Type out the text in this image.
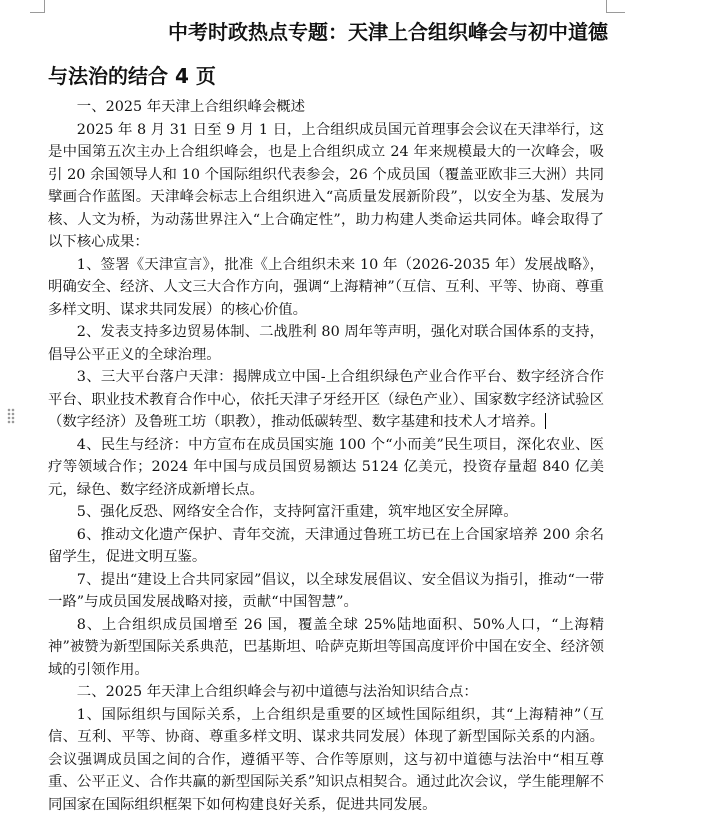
中考时政热点专题：天津上合组织峰会与初中道德
与法治的结合 4 页

一、2025 年天津上合组织峰会概述

2025 年 8 月 31 日至 9 月 1 日，上合组织成员国元首理事会会议在天津举行，这是中国第五次主办上合组织峰会，也是上合组织成立 24 年来规模最大的一次峰会，吸引 20 余国领导人和 10 个国际组织代表参会，26 个成员国（覆盖亚欧非三大洲）共同擘画合作蓝图。天津峰会标志上合组织进入“高质量发展新阶段”，以安全为基、发展为核、人文为桥，为动荡世界注入“上合确定性”，助力构建人类命运共同体。峰会取得了以下核心成果：

1、签署《天津宣言》，批准《上合组织未来 10 年（2026-2035 年）发展战略》，明确安全、经济、人文三大合作方向，强调“上海精神”（互信、互利、平等、协商、尊重多样文明、谋求共同发展）的核心价值。

2、发表支持多边贸易体制、二战胜利 80 周年等声明，强化对联合国体系的支持，倡导公平正义的全球治理。

3、三大平台落户天津：揭牌成立中国-上合组织绿色产业合作平台、数字经济合作平台、职业技术教育合作中心，依托天津子牙经开区（绿色产业）、国家数字经济试验区（数字经济）及鲁班工坊（职教），推动低碳转型、数字基建和技术人才培养。

4、民生与经济：中方宣布在成员国实施 100 个“小而美”民生项目，深化农业、医疗等领域合作；2024 年中国与成员国贸易额达 5124 亿美元，投资存量超 840 亿美元，绿色、数字经济成新增长点。

5、强化反恐、网络安全合作，支持阿富汗重建，筑牢地区安全屏障。

6、推动文化遗产保护、青年交流，天津通过鲁班工坊已在上合国家培养 200 余名留学生，促进文明互鉴。

7、提出“建设上合共同家园”倡议，以全球发展倡议、安全倡议为指引，推动“一带一路”与成员国发展战略对接，贡献“中国智慧”。

8、上合组织成员国增至 26 国，覆盖全球 25%陆地面积、50%人口，“上海精神”被赞为新型国际关系典范，巴基斯坦、哈萨克斯坦等国高度评价中国在安全、经济领域的引领作用。

二、2025 年天津上合组织峰会与初中道德与法治知识结合点：

1、国际组织与国际关系，上合组织是重要的区域性国际组织，其“上海精神”（互信、互利、平等、协商、尊重多样文明、谋求共同发展）体现了新型国际关系的内涵。会议强调成员国之间的合作，遵循平等、合作等原则，这与初中道德与法治中“相互尊重、公平正义、合作共赢的新型国际关系”知识点相契合。通过此次会议，学生能理解不同国家在国际组织框架下如何构建良好关系，促进共同发展。
